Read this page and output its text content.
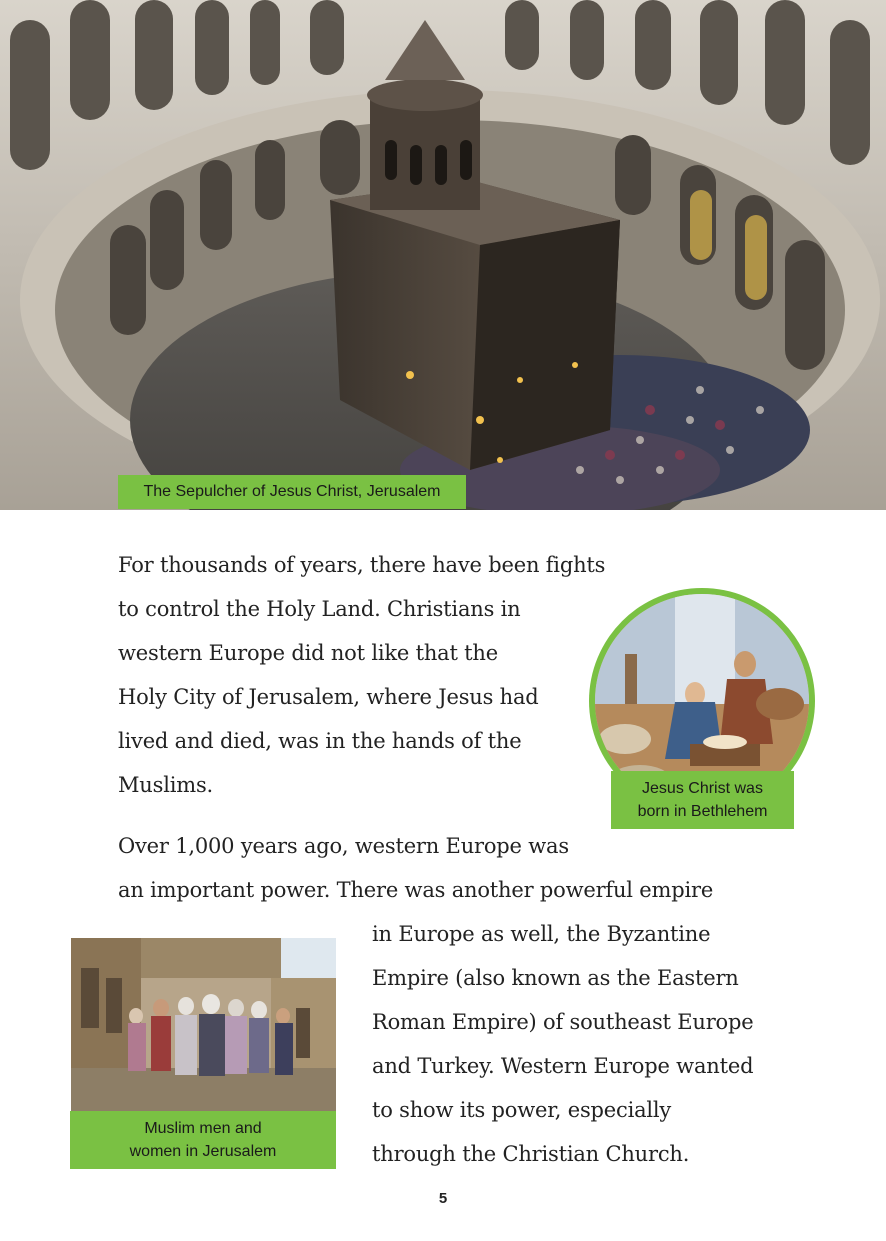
The Sepulcher of Jesus Christ, Jerusalem
For thousands of years, there have been fights
to control the Holy Land. Christians in
western Europe did not like that the
Holy City of Jerusalem, where Jesus had
lived and died, was in the hands of the
Muslims.	Jesus Christ was
born in Bethlehem
Over 1,000 years ago, western Europe was
an important power. There was another powerful empire
Muslim men and
women in Jerusalem
in Europe as well, the Byzantine
Empire (also known as the Eastern
Roman Empire) of southeast Europe
and Turkey. Western Europe wanted
to show its power, especially
through the Christian Church.
5
